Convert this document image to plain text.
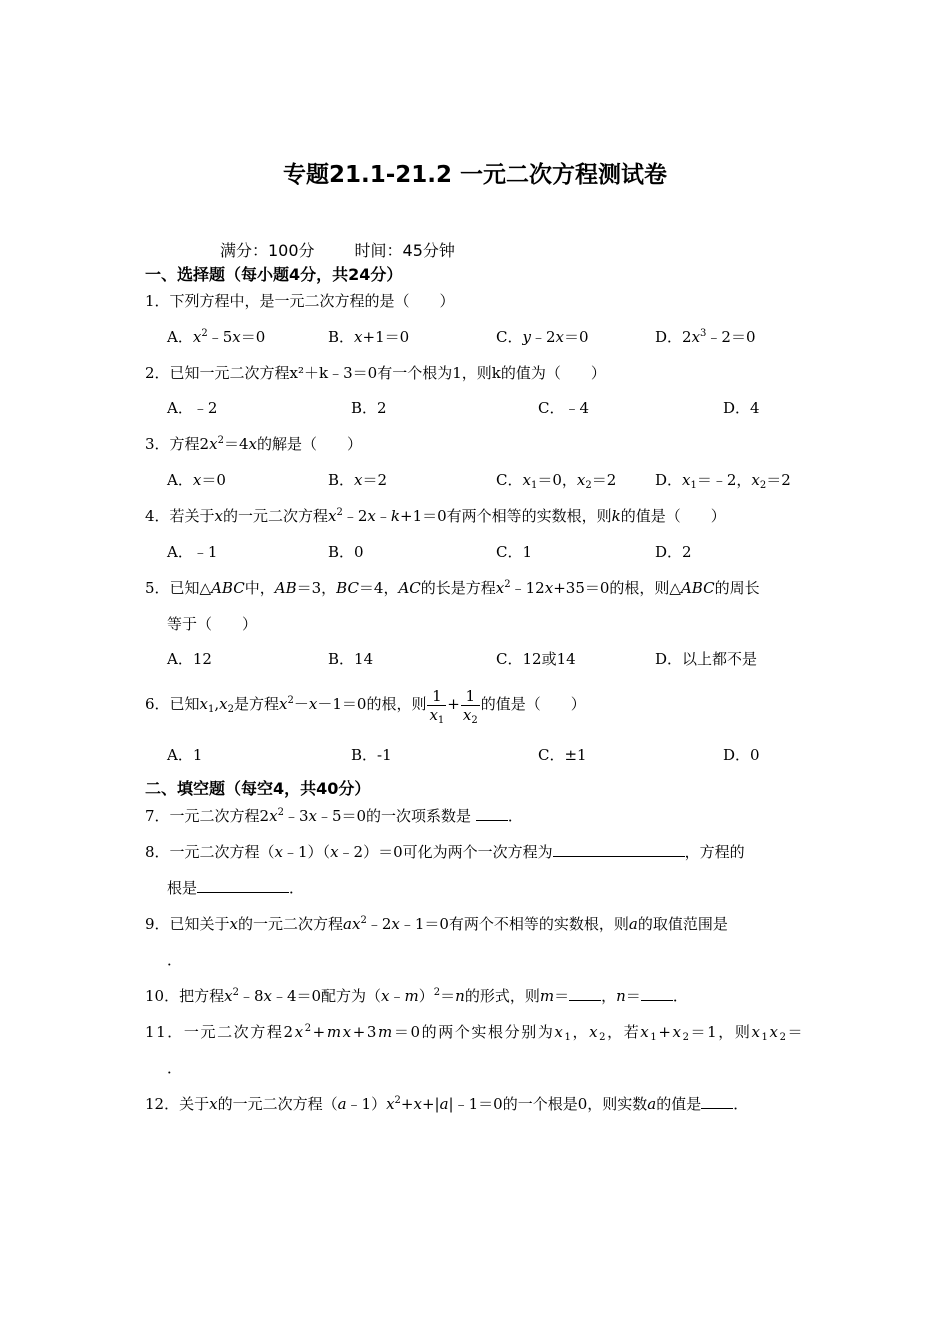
专题21.1-21.2 一元二次方程测试卷
满分：100分	时间：45分钟
一、选择题（每小题4分，共24分）
1．下列方程中，是一元二次方程的是（　　）
A．$x^2﹣5x=0$	B．x+1＝0	C．y﹣2x＝0	D．$2x^3﹣2=0$
2．已知一元二次方程x²＋k﹣3＝0有一个根为1，则k的值为（　　）
A．﹣2	B．2	C．﹣4	D．4
3．方程$2x^2=4x$的解是（　　）
A．x＝0	B．x＝2	C．$x_1=0$，$x_2=2$	D．$x_1=﹣2$，$x_2=2$
4．若关于x的一元二次方程$x^2﹣2x﹣k+1=0$有两个相等的实数根，则k的值是（　　）
A．﹣1	B．0	C．1	D．2
5．已知△ABC中，AB＝3，BC＝4，AC的长是方程$x^2﹣12x+35=0$的根，则△ABC的周长
等于（　　）
A．12	B．14	C．12或14	D．以上都不是
6．已知$x_1,x_2$是方程$x^2-x-1=0$的根，则 $\frac{1}{x_1} + \frac{1}{x_2}$ 的值是（　　）
A．1	B．-1	C．±1	D．0
二、填空题（每空4，共40分）
7．一元二次方程$2x^2﹣3x﹣5=0$的一次项系数是 ．
8．一元二次方程（x﹣1）（x﹣2）＝0可化为两个一次方程为	，方程的
根是	．
9．已知关于x的一元二次方程$ax^2﹣2x﹣1=0$有两个不相等的实数根，则a的取值范围是
．
10．把方程$x^2﹣8x﹣4=0$配方为（x﹣m）$^2$＝n的形式，则m＝ ，n＝ ．
11．一元二次方程$2x^2+mx+3m=0$的两个实根分别为$x_1$，$x_2$，若$x_1+x_2=1$，则$x_1x_2=$
．
12．关于x的一元二次方程$(a﹣1)x^2+x+|a|﹣1=0$的一个根是0，则实数a的值是 ．
